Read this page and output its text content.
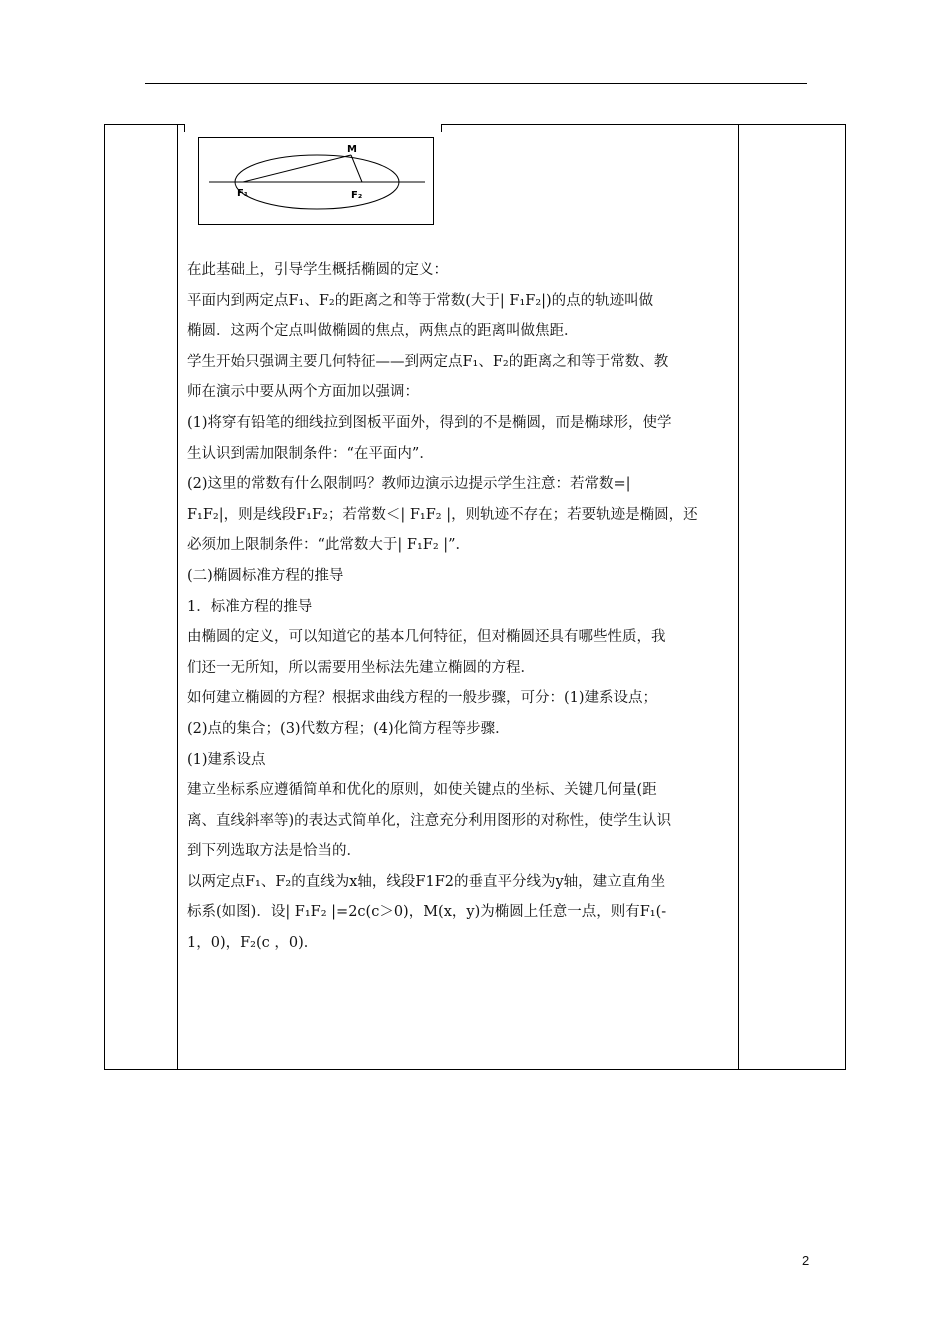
M
F₁	F₂

在此基础上，引导学生概括椭圆的定义：

平面内到两定点F₁、F₂的距离之和等于常数(大于| F₁F₂|)的点的轨迹叫做

椭圆．这两个定点叫做椭圆的焦点，两焦点的距离叫做焦距．

学生开始只强调主要几何特征——到两定点F₁、F₂的距离之和等于常数、教

师在演示中要从两个方面加以强调：

(1)将穿有铅笔的细线拉到图板平面外，得到的不是椭圆，而是椭球形，使学

生认识到需加限制条件：“在平面内”．

(2)这里的常数有什么限制吗？教师边演示边提示学生注意：若常数=|

F₁F₂|，则是线段F₁F₂；若常数＜| F₁F₂ |，则轨迹不存在；若要轨迹是椭圆，还

必须加上限制条件：“此常数大于| F₁F₂ |”．

(二)椭圆标准方程的推导

1．标准方程的推导

由椭圆的定义，可以知道它的基本几何特征，但对椭圆还具有哪些性质，我

们还一无所知，所以需要用坐标法先建立椭圆的方程．

如何建立椭圆的方程？根据求曲线方程的一般步骤，可分：(1)建系设点；

(2)点的集合；(3)代数方程；(4)化简方程等步骤．

(1)建系设点

建立坐标系应遵循简单和优化的原则，如使关键点的坐标、关键几何量(距

离、直线斜率等)的表达式简单化，注意充分利用图形的对称性，使学生认识

到下列选取方法是恰当的．

以两定点F₁、F₂的直线为x轴，线段F1F2的垂直平分线为y轴，建立直角坐

标系(如图)．设| F₁F₂ |=2c(c＞0)，M(x，y)为椭圆上任意一点，则有F₁(-

1，0)，F₂(c ，0)．

2
